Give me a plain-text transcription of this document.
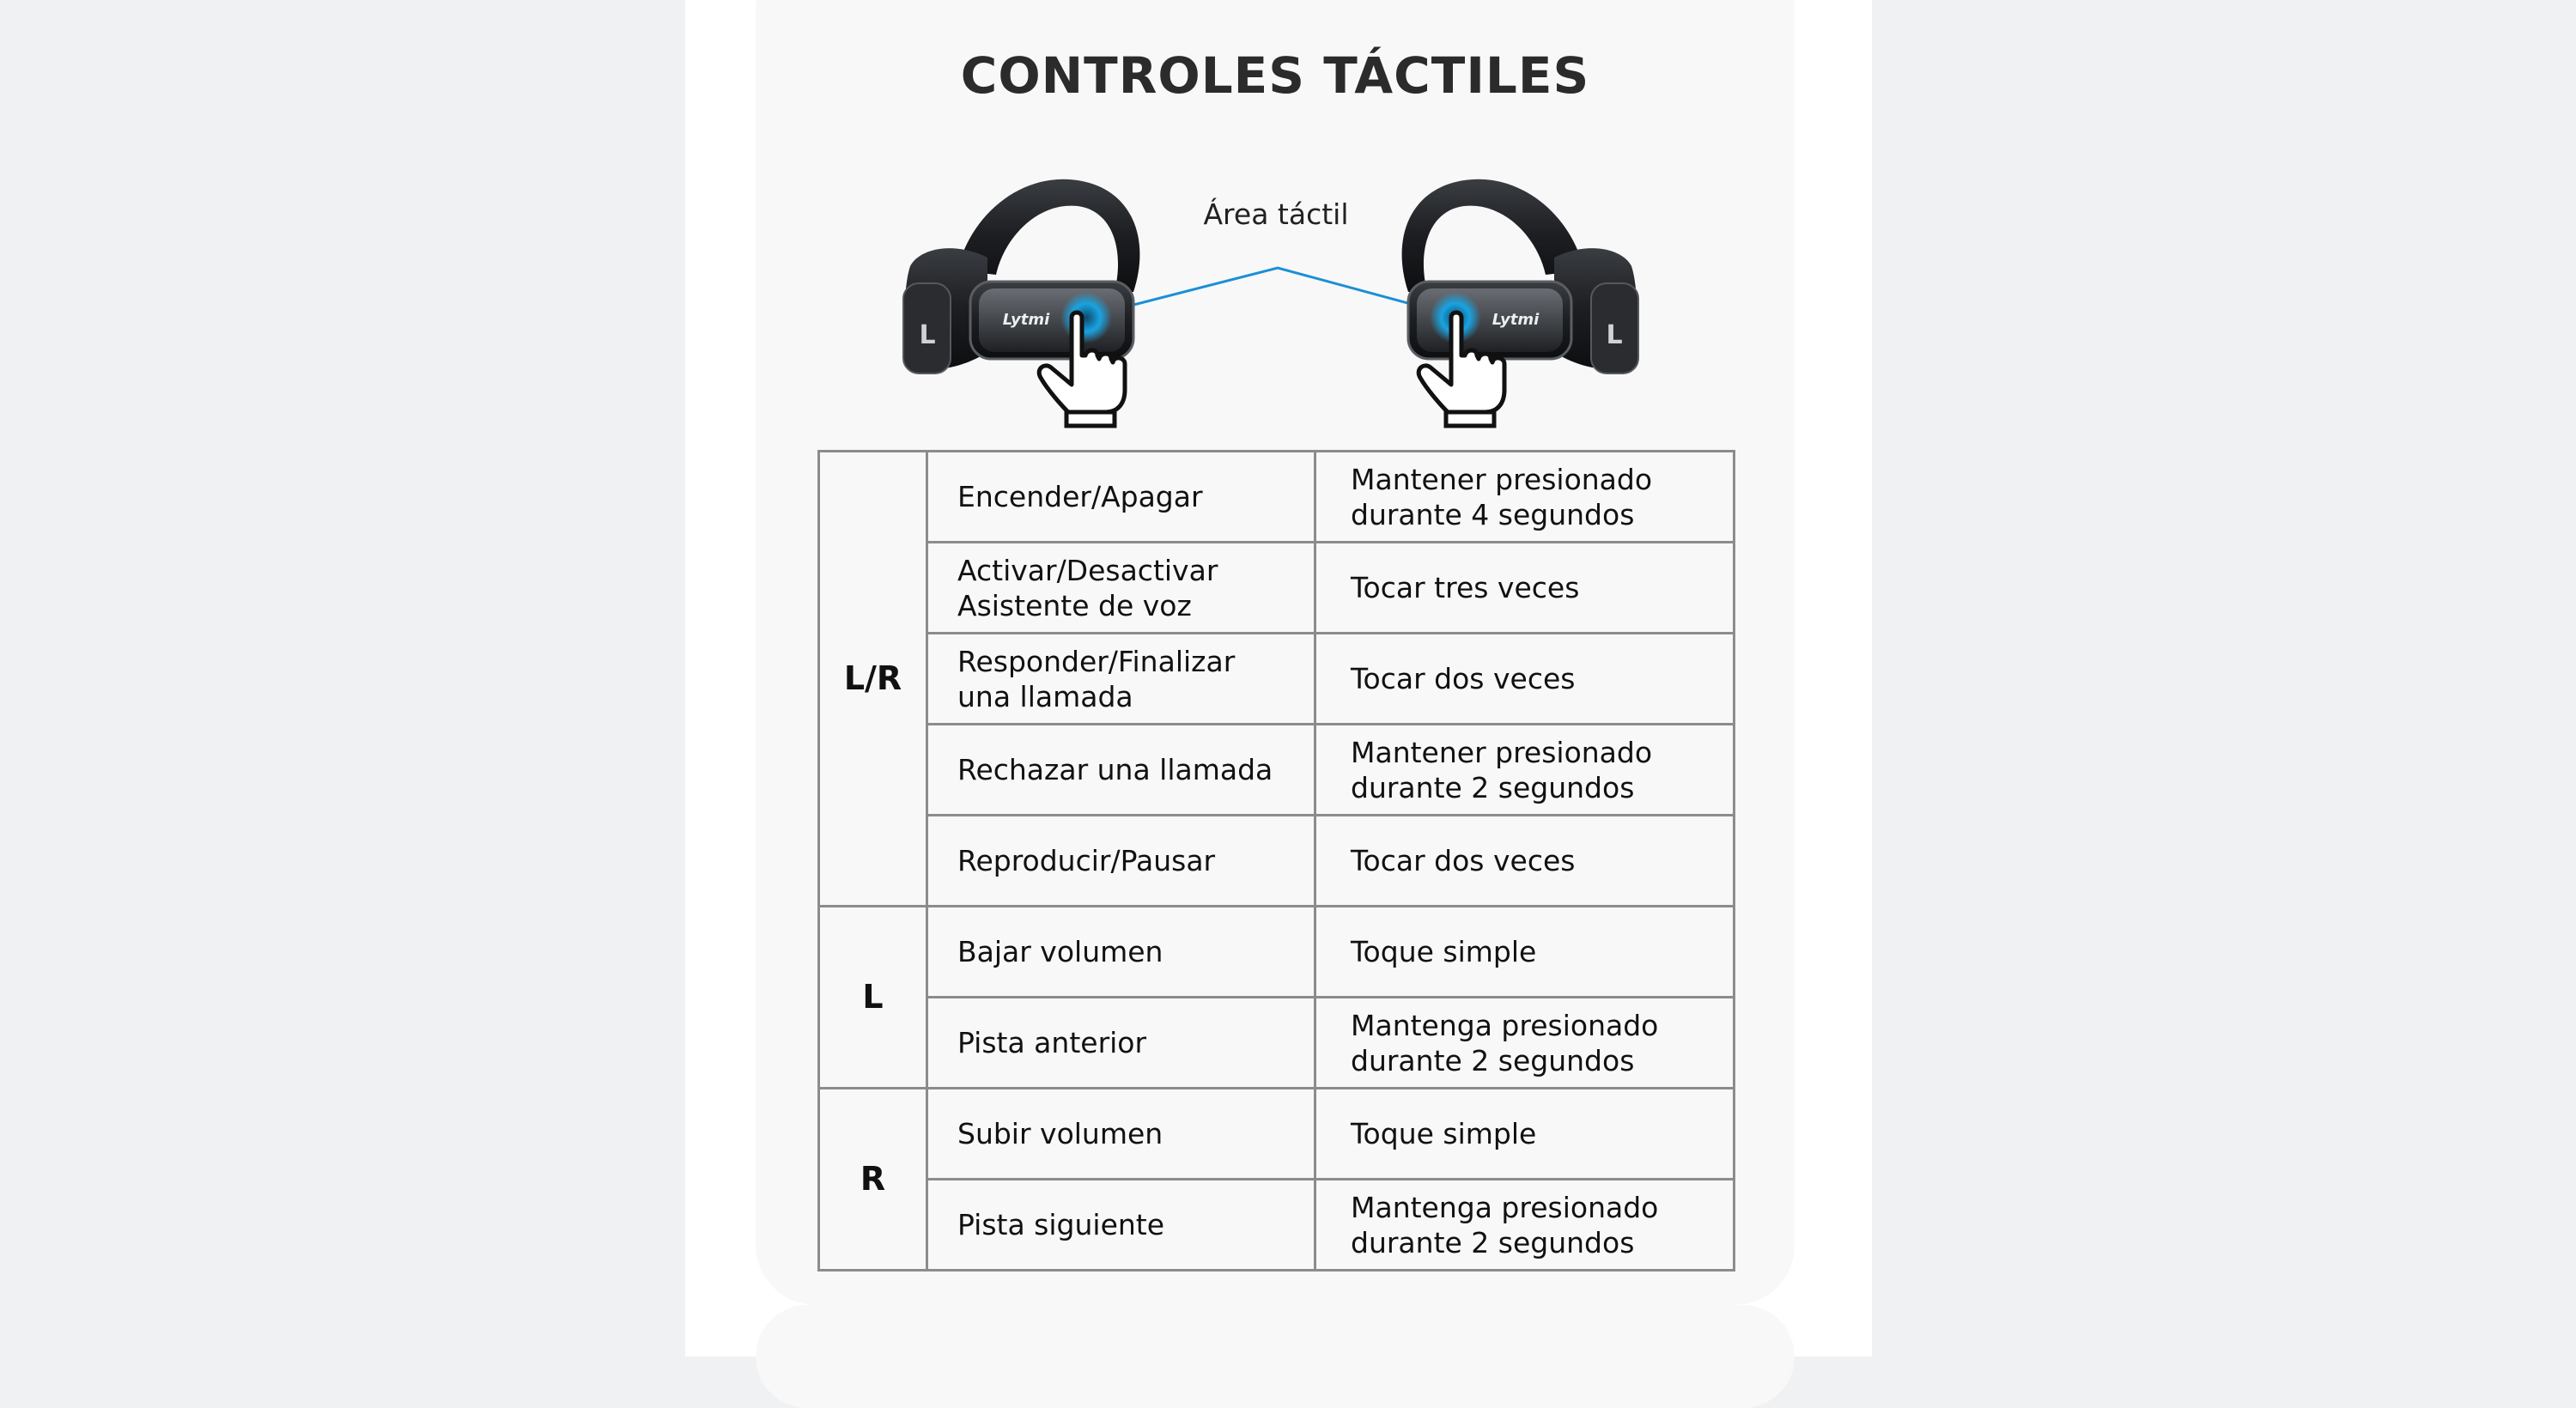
CONTROLES TÁCTILES
L
Lytmi
L
Lytmi
Área táctil
L/R	Encender/Apagar	Mantener presionado
durante 4 segundos
	Activar/Desactivar
Asistente de voz	Tocar tres veces
	Responder/Finalizar
una llamada	Tocar dos veces
	Rechazar una llamada	Mantener presionado
durante 2 segundos
	Reproducir/Pausar	Tocar dos veces
L	Bajar volumen	Toque simple
	Pista anterior	Mantenga presionado
durante 2 segundos
R	Subir volumen	Toque simple
	Pista siguiente	Mantenga presionado
durante 2 segundos
